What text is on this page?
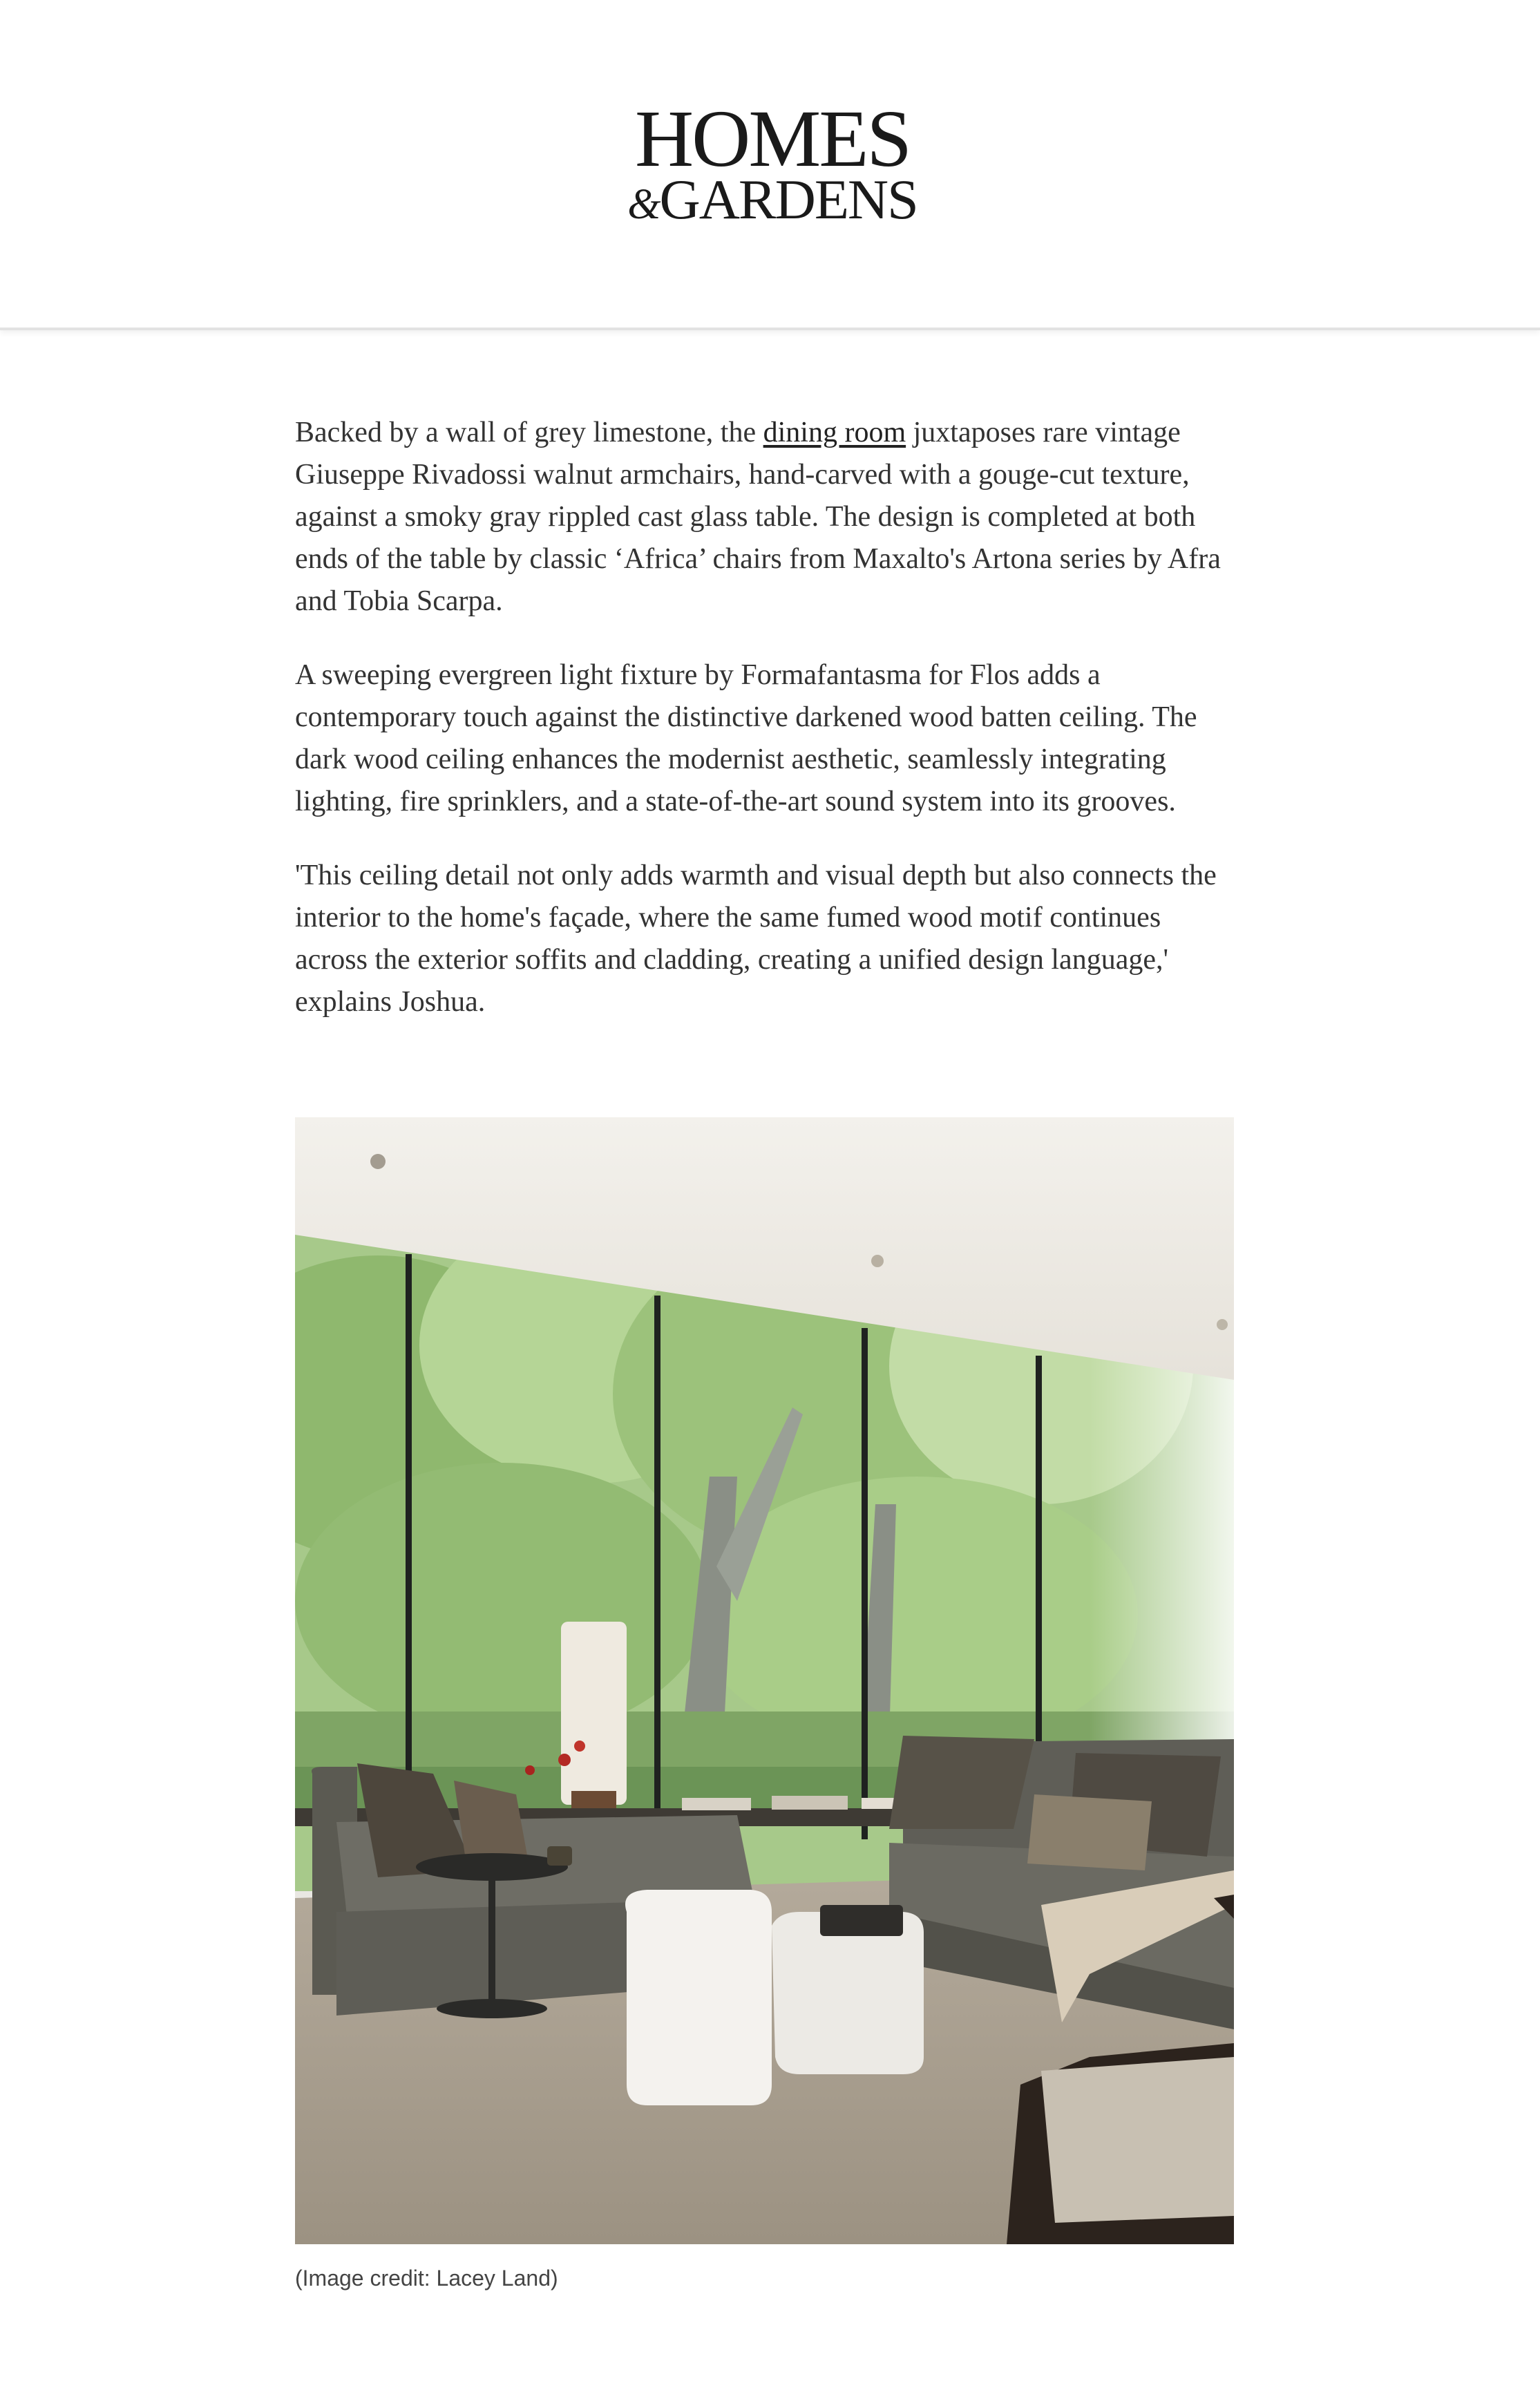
HOMES
&GARDENS

Backed by a wall of grey limestone, the dining room juxtaposes rare vintage Giuseppe Rivadossi walnut armchairs, hand-carved with a gouge-cut texture, against a smoky gray rippled cast glass table. The design is completed at both ends of the table by classic ‘Africa’ chairs from Maxalto's Artona series by Afra and Tobia Scarpa.

A sweeping evergreen light fixture by Formafantasma for Flos adds a contemporary touch against the distinctive darkened wood batten ceiling. The dark wood ceiling enhances the modernist aesthetic, seamlessly integrating lighting, fire sprinklers, and a state-of-the-art sound system into its grooves.

'This ceiling detail not only adds warmth and visual depth but also connects the interior to the home's façade, where the same fumed wood motif continues across the exterior soffits and cladding, creating a unified design language,' explains Joshua.

(Image credit: Lacey Land)
